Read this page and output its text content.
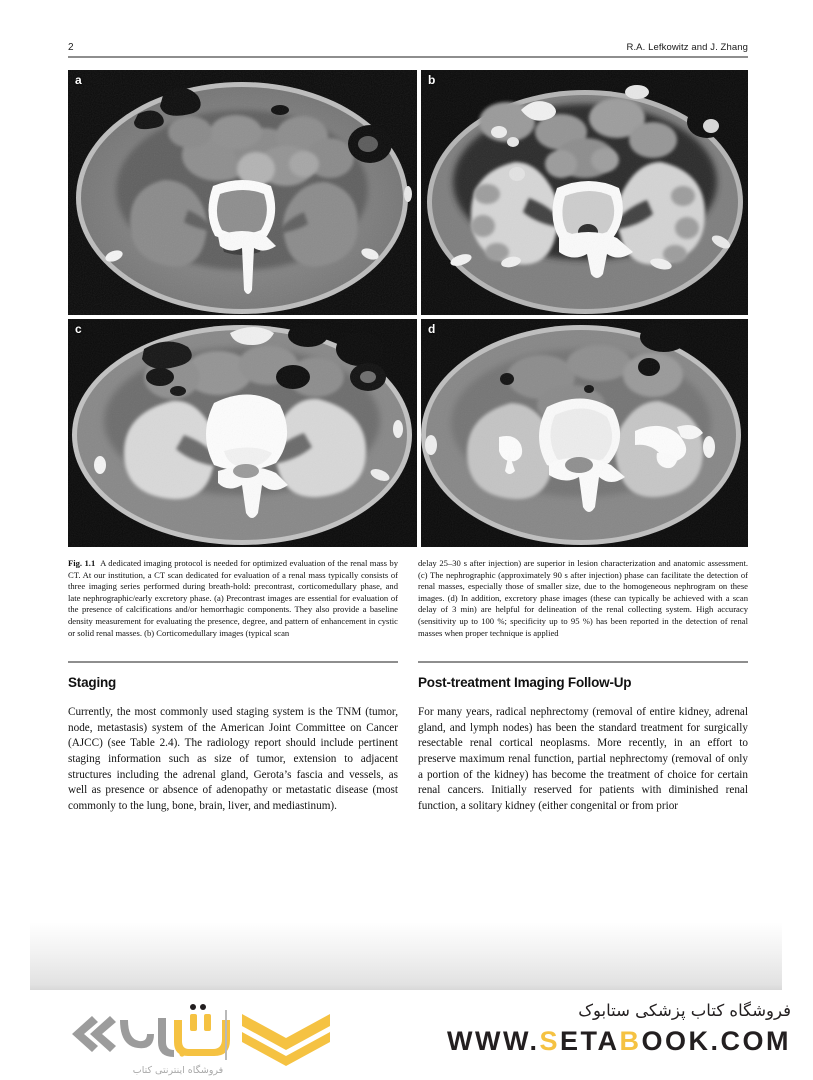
2	R.A. Lefkowitz and J. Zhang
a	b
c	d
Fig. 1.1 A dedicated imaging protocol is needed for optimized evaluation of the renal mass by CT. At our institution, a CT scan dedicated for evaluation of a renal mass typically consists of three imaging series performed during breath-hold: precontrast, corticomedullary phase, and late nephrographic/early excretory phase. (a) Precontrast images are essential for evaluation of the presence of calcifications and/or hemorrhagic components. They also provide a baseline density measurement for evaluating the presence, degree, and pattern of enhancement in cystic or solid renal masses. (b) Corticomedullary images (typical scan
delay 25–30 s after injection) are superior in lesion characterization and anatomic assessment. (c) The nephrographic (approximately 90 s after injection) phase can facilitate the detection of renal masses, especially those of smaller size, due to the homogeneous nephrogram on these images. (d) In addition, excretory phase images (these can typically be achieved with a scan delay of 3 min) are helpful for delineation of the renal collecting system. High accuracy (sensitivity up to 100 %; specificity up to 95 %) has been reported in the detection of renal masses when proper technique is applied
Staging

Currently, the most commonly used staging system is the TNM (tumor, node, metastasis) system of the American Joint Committee on Cancer (AJCC) (see Table 2.4). The radiology report should include pertinent staging information such as size of tumor, extension to adjacent structures including the adrenal gland, Gerota’s fascia and vessels, as well as presence or absence of adenopathy or metastatic disease (most commonly to the lung, bone, brain, liver, and mediastinum).

Post-treatment Imaging Follow-Up

For many years, radical nephrectomy (removal of entire kidney, adrenal gland, and lymph nodes) has been the standard treatment for surgically resectable renal cortical neoplasms. More recently, in an effort to preserve maximum renal function, partial nephrectomy (removal of only a portion of the kidney) has become the treatment of choice for certain renal cancers. Initially reserved for patients with diminished renal function, a solitary kidney (either congenital or from prior

فروشگاه اینترنتی کتاب
فروشگاه کتاب پزشکی ستابوک
WWW.SETABOOK.COM
